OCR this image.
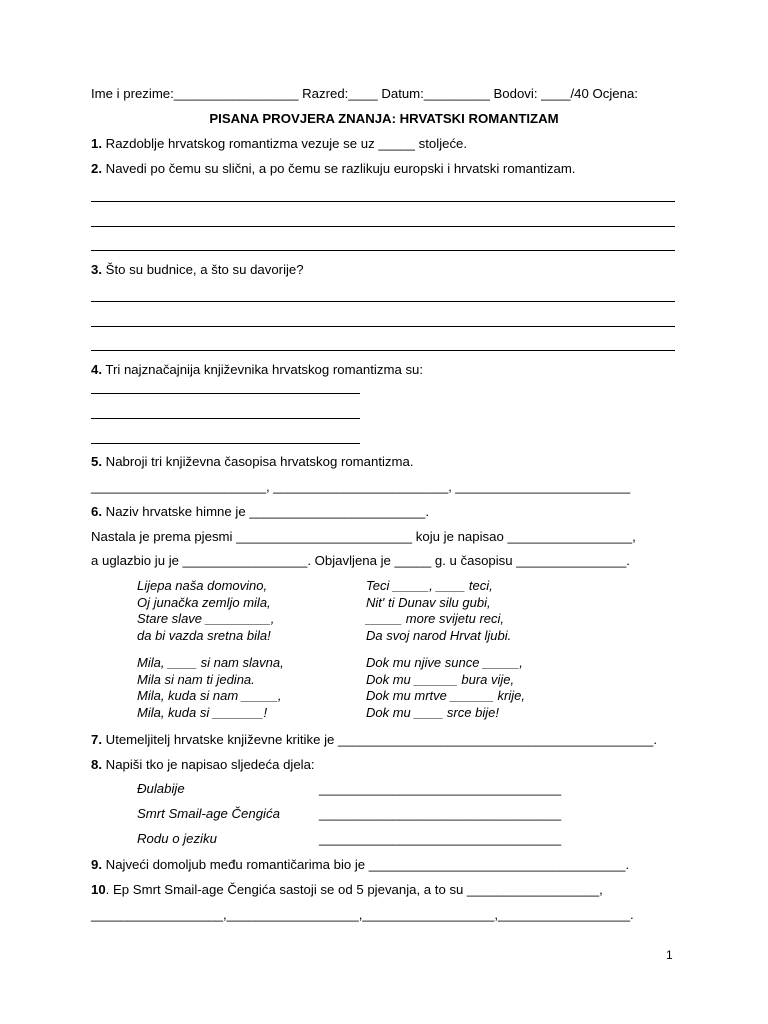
Ime i prezime:_________________ Razred:____ Datum:_________ Bodovi: ____/40 Ocjena:
PISANA PROVJERA ZNANJA: HRVATSKI ROMANTIZAM
1. Razdoblje hrvatskog romantizma vezuje se uz _____ stoljeće.
2. Navedi po čemu su slični, a po čemu se razlikuju europski i hrvatski romantizam.
3. Što su budnice, a što su davorije?
4. Tri najznačajnija književnika hrvatskog romantizma su:
5. Nabroji tri književna časopisa hrvatskog romantizma.
_________________________, _________________________, _________________________
6. Naziv hrvatske himne je ________________________.
Nastala je prema pjesmi ________________________ koju je napisao _________________,
a uglazbio ju je _________________. Objavljena je _____ g. u časopisu _______________.
Lijepa naša domovino,
Oj junačka zemljo mila,
Stare slave _________,
da bi vazda sretna bila!
Teci _____, ____ teci,
Nit' ti Dunav silu gubi,
_____ more svijetu reci,
Da svoj narod Hrvat ljubi.
Mila, ____ si nam slavna,
Mila si nam ti jedina.
Mila, kuda si nam _____,
Mila, kuda si _______!
Dok mu njive sunce _____,
Dok mu ______ bura vije,
Dok mu mrtve ______ krije,
Dok mu ____ srce bije!
7. Utemeljitelj hrvatske književne kritike je ___________________________________________.
8. Napiši tko je napisao sljedeća djela:
Đulabije	_________________________________
Smrt Smail-age Čengića	_________________________________
Rodu o jeziku	_________________________________
9. Najveći domoljub među romantičarima bio je ___________________________________.
10. Ep Smrt Smail-age Čengića sastoji se od 5 pjevanja, a to su __________________,
__________________,__________________,__________________,__________________.
1
